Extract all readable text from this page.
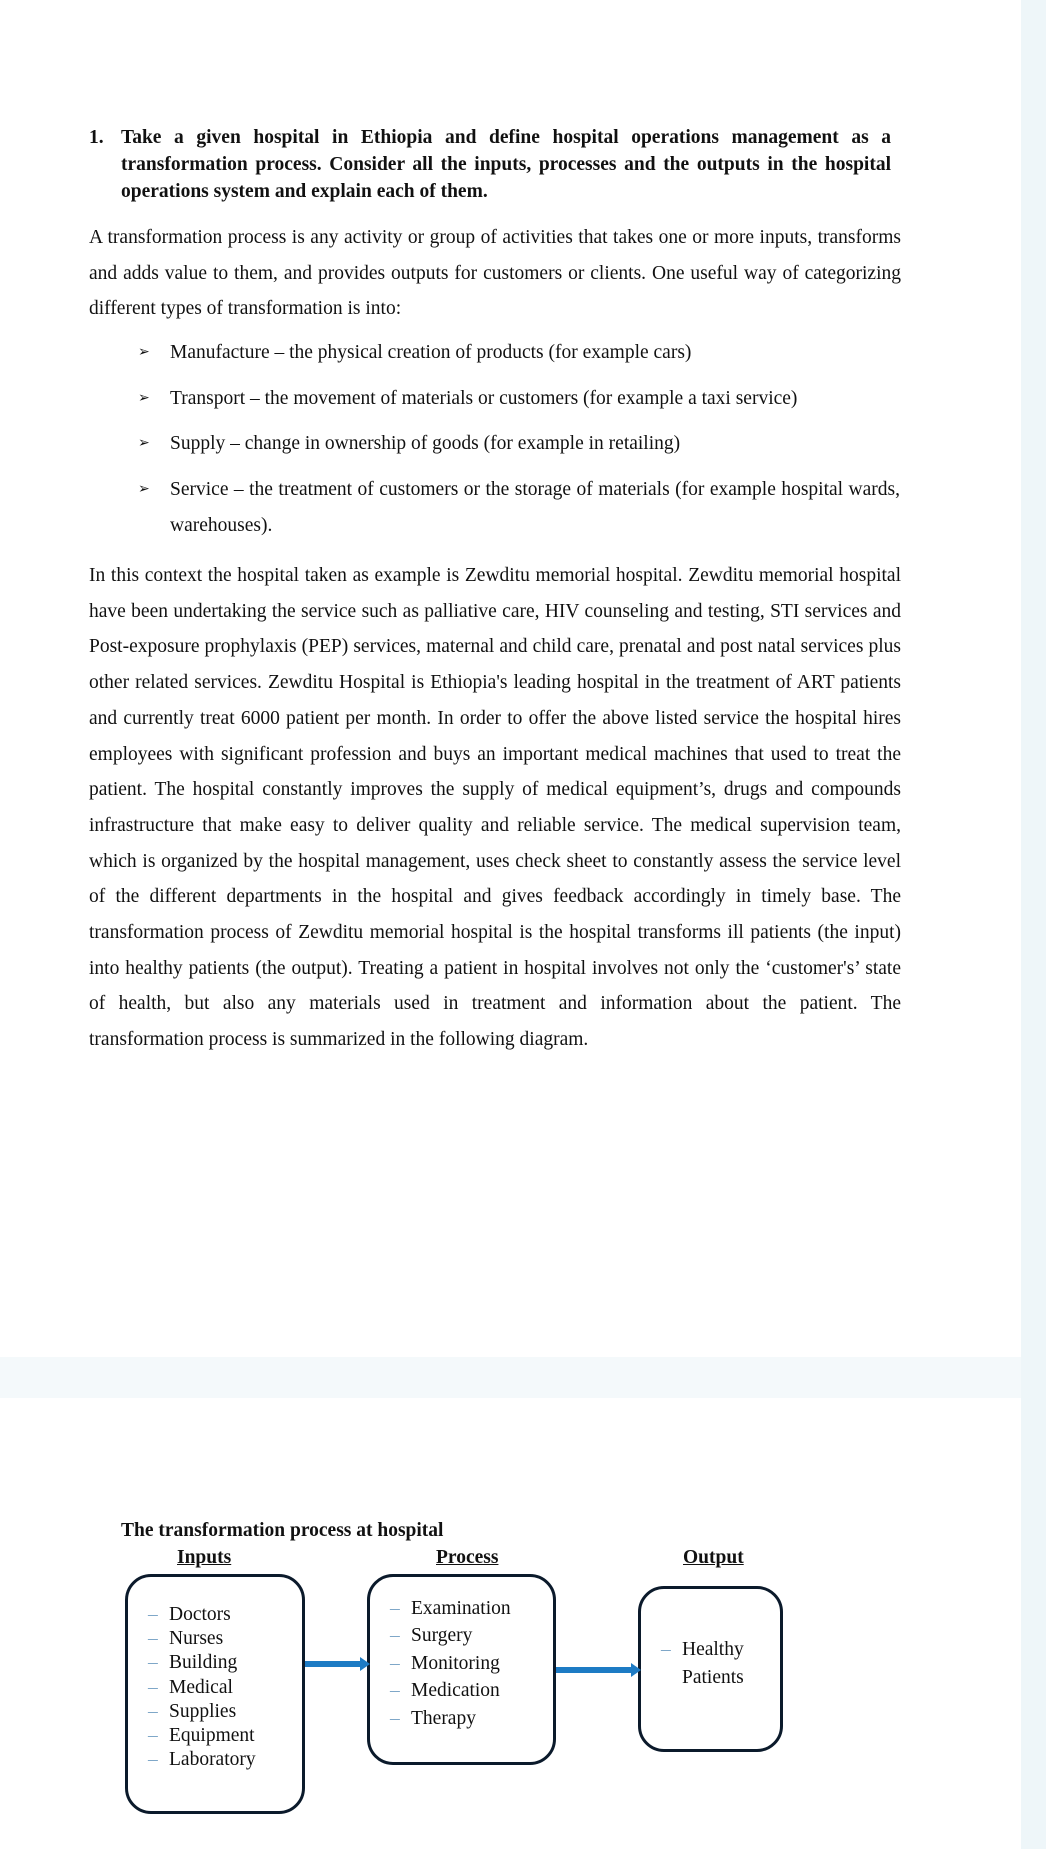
1. Take a given hospital in Ethiopia and define hospital operations management as a transformation process. Consider all the inputs, processes and the outputs in the hospital operations system and explain each of them.
A transformation process is any activity or group of activities that takes one or more inputs, transforms and adds value to them, and provides outputs for customers or clients. One useful way of categorizing different types of transformation is into:
➢ Manufacture – the physical creation of products (for example cars)
➢ Transport – the movement of materials or customers (for example a taxi service)
➢ Supply – change in ownership of goods (for example in retailing)
➢ Service – the treatment of customers or the storage of materials (for example hospital wards, warehouses).
In this context the hospital taken as example is Zewditu memorial hospital. Zewditu memorial hospital have been undertaking the service such as palliative care, HIV counseling and testing, STI services and Post-exposure prophylaxis (PEP) services, maternal and child care, prenatal and post natal services plus other related services. Zewditu Hospital is Ethiopia's leading hospital in the treatment of ART patients and currently treat 6000 patient per month. In order to offer the above listed service the hospital hires employees with significant profession and buys an important medical machines that used to treat the patient. The hospital constantly improves the supply of medical equipment’s, drugs and compounds infrastructure that make easy to deliver quality and reliable service. The medical supervision team, which is organized by the hospital management, uses check sheet to constantly assess the service level of the different departments in the hospital and gives feedback accordingly in timely base. The transformation process of Zewditu memorial hospital is the hospital transforms ill patients (the input) into healthy patients (the output). Treating a patient in hospital involves not only the ‘customer's’ state of health, but also any materials used in treatment and information about the patient. The transformation process is summarized in the following diagram.
The transformation process at hospital
Inputs	Process	Output
– Doctors
– Nurses
– Building
– Medical
– Supplies
– Equipment
– Laboratory
– Examination
– Surgery
– Monitoring
– Medication
– Therapy
– Healthy Patients
